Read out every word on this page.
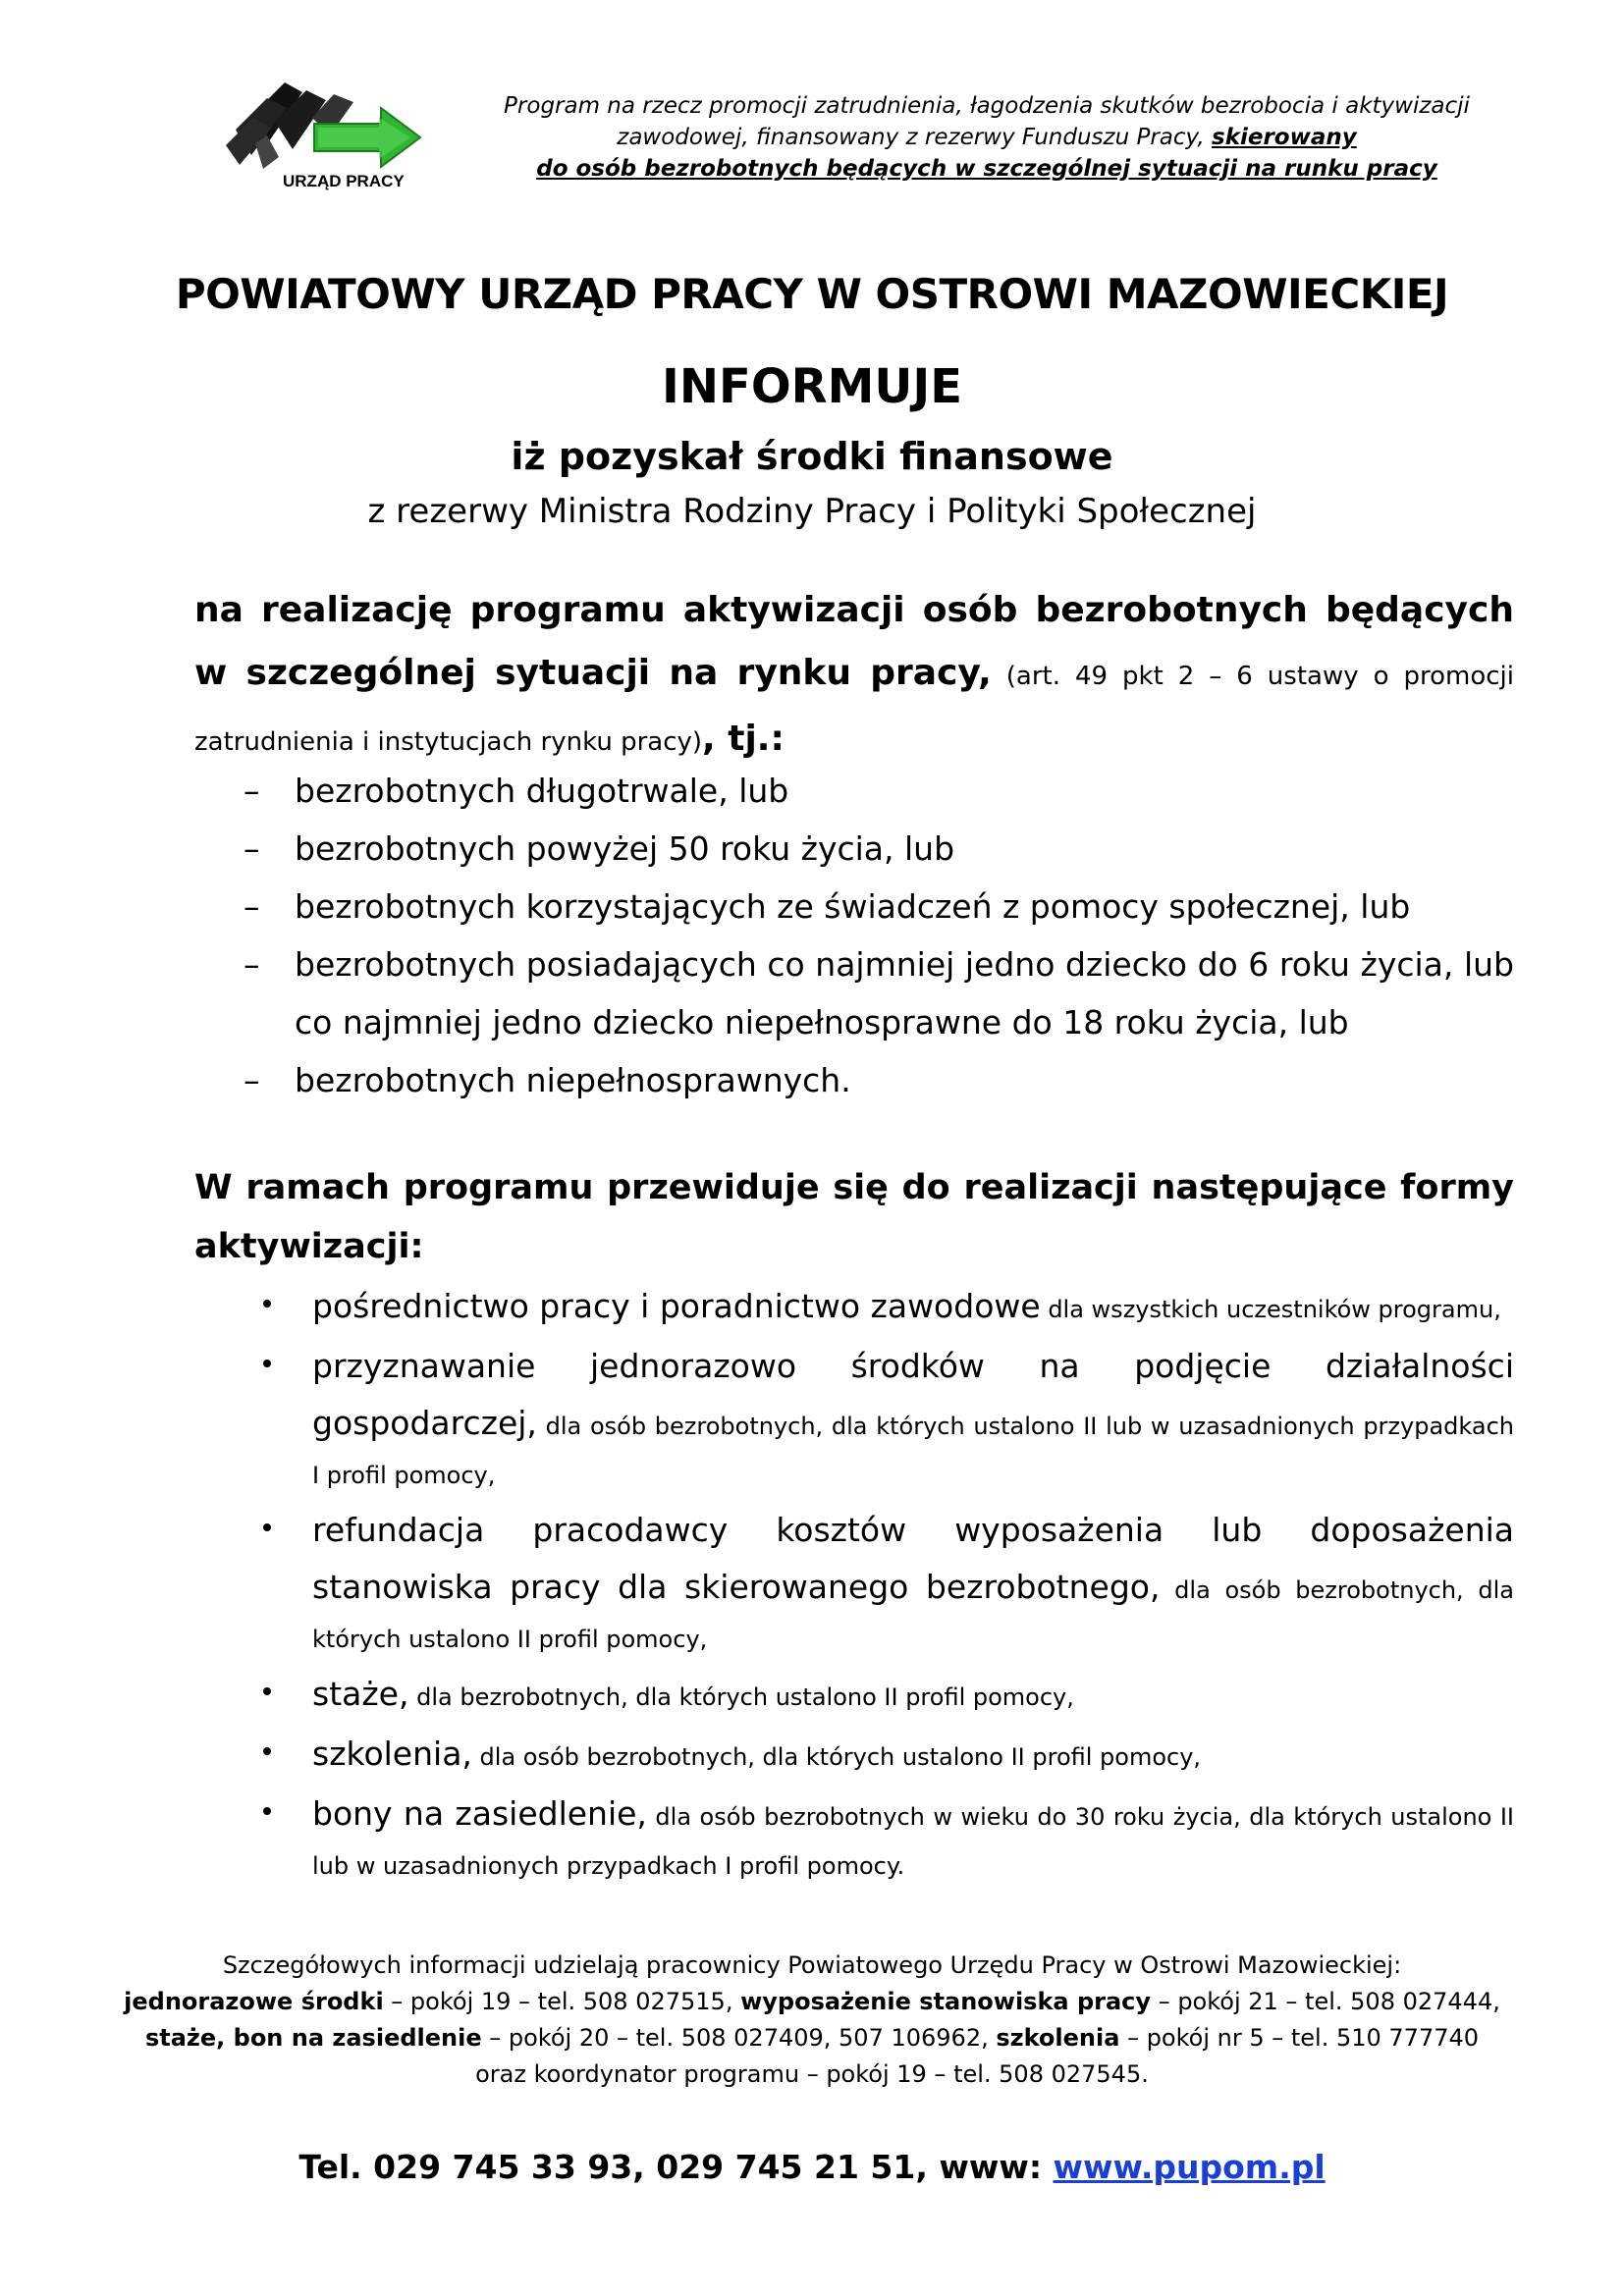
URZĄD PRACY
Program na rzecz promocji zatrudnienia, łagodzenia skutków bezrobocia i aktywizacji
zawodowej, finansowany z rezerwy Funduszu Pracy, skierowany
do osób bezrobotnych będących w szczególnej sytuacji na runku pracy
POWIATOWY URZĄD PRACY W OSTROWI MAZOWIECKIEJ
INFORMUJE
iż pozyskał środki finansowe
z rezerwy Ministra Rodziny Pracy i Polityki Społecznej
na realizację programu aktywizacji osób bezrobotnych będących w szczególnej sytuacji na rynku pracy, (art. 49 pkt 2 – 6 ustawy o promocji zatrudnienia i instytucjach rynku pracy), tj.:
– bezrobotnych długotrwale, lub
– bezrobotnych powyżej 50 roku życia, lub
– bezrobotnych korzystających ze świadczeń z pomocy społecznej, lub
– bezrobotnych posiadających co najmniej jedno dziecko do 6 roku życia, lub co najmniej jedno dziecko niepełnosprawne do 18 roku życia, lub
– bezrobotnych niepełnosprawnych.
W ramach programu przewiduje się do realizacji następujące formy aktywizacji:
pośrednictwo pracy i poradnictwo zawodowe dla wszystkich uczestników programu,
przyznawanie jednorazowo środków na podjęcie działalności gospodarczej, dla osób bezrobotnych, dla których ustalono II lub w uzasadnionych przypadkach I profil pomocy,
refundacja pracodawcy kosztów wyposażenia lub doposażenia stanowiska pracy dla skierowanego bezrobotnego, dla osób bezrobotnych, dla których ustalono II profil pomocy,
staże, dla bezrobotnych, dla których ustalono II profil pomocy,
szkolenia, dla osób bezrobotnych, dla których ustalono II profil pomocy,
bony na zasiedlenie, dla osób bezrobotnych w wieku do 30 roku życia, dla których ustalono II lub w uzasadnionych przypadkach I profil pomocy.
Szczegółowych informacji udzielają pracownicy Powiatowego Urzędu Pracy w Ostrowi Mazowieckiej:
jednorazowe środki – pokój 19 – tel. 508 027515, wyposażenie stanowiska pracy – pokój 21 – tel. 508 027444,
staże, bon na zasiedlenie – pokój 20 – tel. 508 027409, 507 106962, szkolenia – pokój nr 5 – tel. 510 777740
oraz koordynator programu – pokój 19 – tel. 508 027545.
Tel. 029 745 33 93, 029 745 21 51, www: www.pupom.pl
